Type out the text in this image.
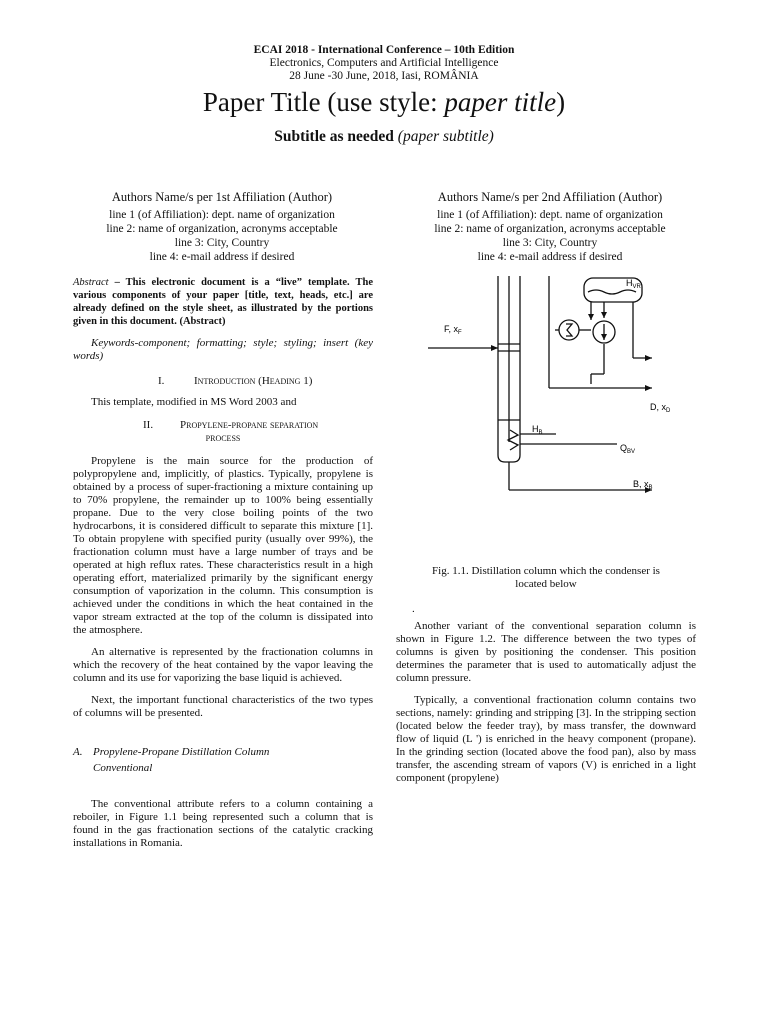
ECAI 2018 - International Conference – 10th Edition
Electronics, Computers and Artificial Intelligence
28 June -30 June, 2018, Iasi, ROMÂNIA
Paper Title (use style: paper title)
Subtitle as needed (paper subtitle)
Authors Name/s per 1st Affiliation (Author)
line 1 (of Affiliation): dept. name of organization
line 2: name of organization, acronyms acceptable
line 3: City, Country
line 4: e-mail address if desired
Authors Name/s per 2nd Affiliation (Author)
line 1 (of Affiliation): dept. name of organization
line 2: name of organization, acronyms acceptable
line 3: City, Country
line 4: e-mail address if desired

Abstract – This electronic document is a “live” template. The various components of your paper [title, text, heads, etc.] are already defined on the style sheet, as illustrated by the portions given in this document. (Abstract)

Keywords-component; formatting; style; styling; insert (key words)

I.	Introduction (Heading 1)

This template, modified in MS Word 2003 and

II. Propylene-propane separation
process

Propylene is the main source for the production of polypropylene and, implicitly, of plastics. Typically, propylene is obtained by a process of super-fractioning a mixture containing up to 70% propylene, the remainder up to 100% being essentially propane. Due to the very close boiling points of the two hydrocarbons, it is considered difficult to separate this mixture [1]. To obtain propylene with specified purity (usually over 99%), the fractionation column must have a large number of trays and be operated at high reflux rates. These characteristics result in a high operating effort, materialized primarily by the significant energy consumption of vaporization in the column. This consumption is achieved under the conditions in which the heat contained in the vapor stream extracted at the top of the column is dissipated into the atmosphere.

An alternative is represented by the fractionation columns in which the recovery of the heat contained by the vapor leaving the column and its use for vaporizing the base liquid is achieved.

Next, the important functional characteristics of the two types of columns will be presented.

A. Propylene-Propane Distillation Column
Conventional

The conventional attribute refers to a column containing a reboiler, in Figure 1.1 being represented such a column that is found in the gas fractionation sections of the catalytic cracking installations in Romania.

$H_{VR}$
F, $x_F$
D, $x_D$
$H_B$
$Q_{BV}$
B, $x_B$
Fig. 1.1. Distillation column which the condenser is
located below
.

Another variant of the conventional separation column is shown in Figure 1.2. The difference between the two types of columns is given by positioning the condenser. This position determines the parameter that is used to automatically adjust the column pressure.

Typically, a conventional fractionation column contains two sections, namely: grinding and stripping [3]. In the stripping section (located below the feeder tray), by mass transfer, the downward flow of liquid (L ') is enriched in the heavy component (propane). In the grinding section (located above the food pan), also by mass transfer, the ascending stream of vapors (V) is enriched in a light component (propylene)
